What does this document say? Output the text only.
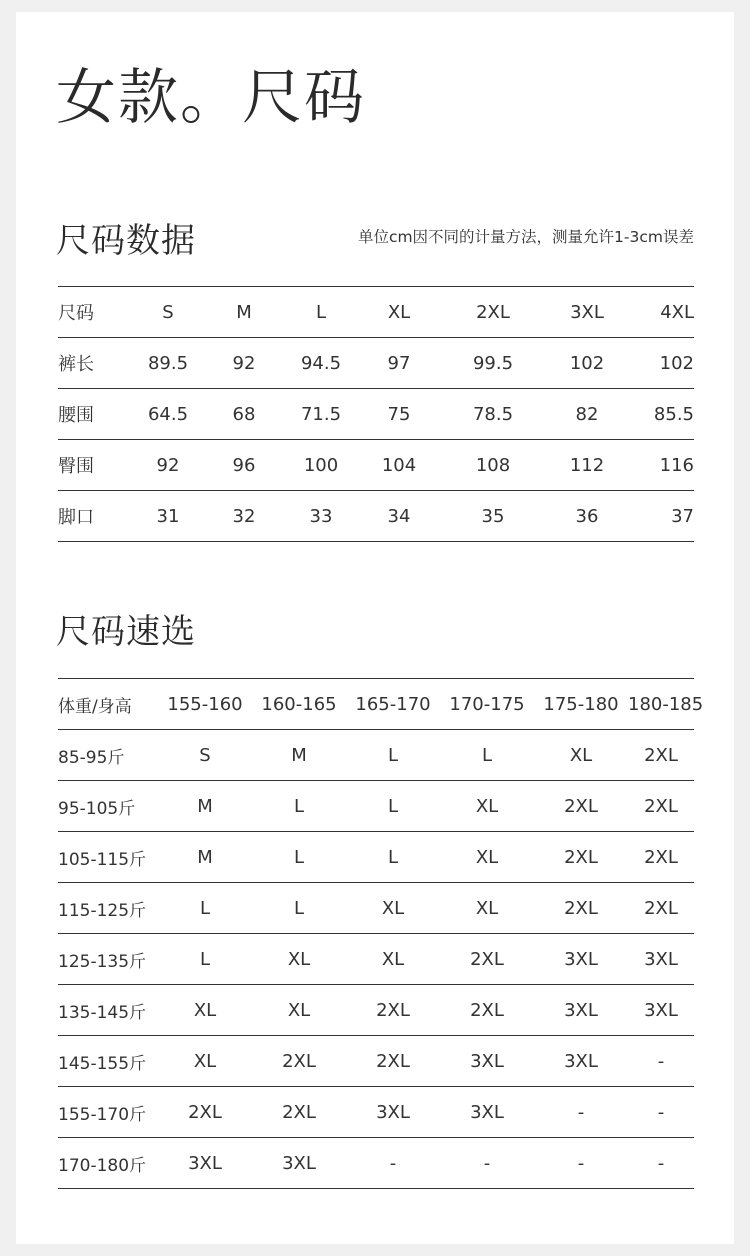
女款。尺码
尺码数据	单位cm因不同的计量方法，测量允许1-3cm误差
尺码	S	M	L	XL	2XL	3XL	4XL
裤长	89.5	92	94.5	97	99.5	102	102
腰围	64.5	68	71.5	75	78.5	82	85.5
臀围	92	96	100	104	108	112	116
脚口	31	32	33	34	35	36	37
尺码速选
体重/身高	155-160	160-165	165-170	170-175	175-180	180-185
85-95斤	S	M	L	L	XL	2XL
95-105斤	M	L	L	XL	2XL	2XL
105-115斤	M	L	L	XL	2XL	2XL
115-125斤	L	L	XL	XL	2XL	2XL
125-135斤	L	XL	XL	2XL	3XL	3XL
135-145斤	XL	XL	2XL	2XL	3XL	3XL
145-155斤	XL	2XL	2XL	3XL	3XL	-
155-170斤	2XL	2XL	3XL	3XL	-	-
170-180斤	3XL	3XL	-	-	-	-
